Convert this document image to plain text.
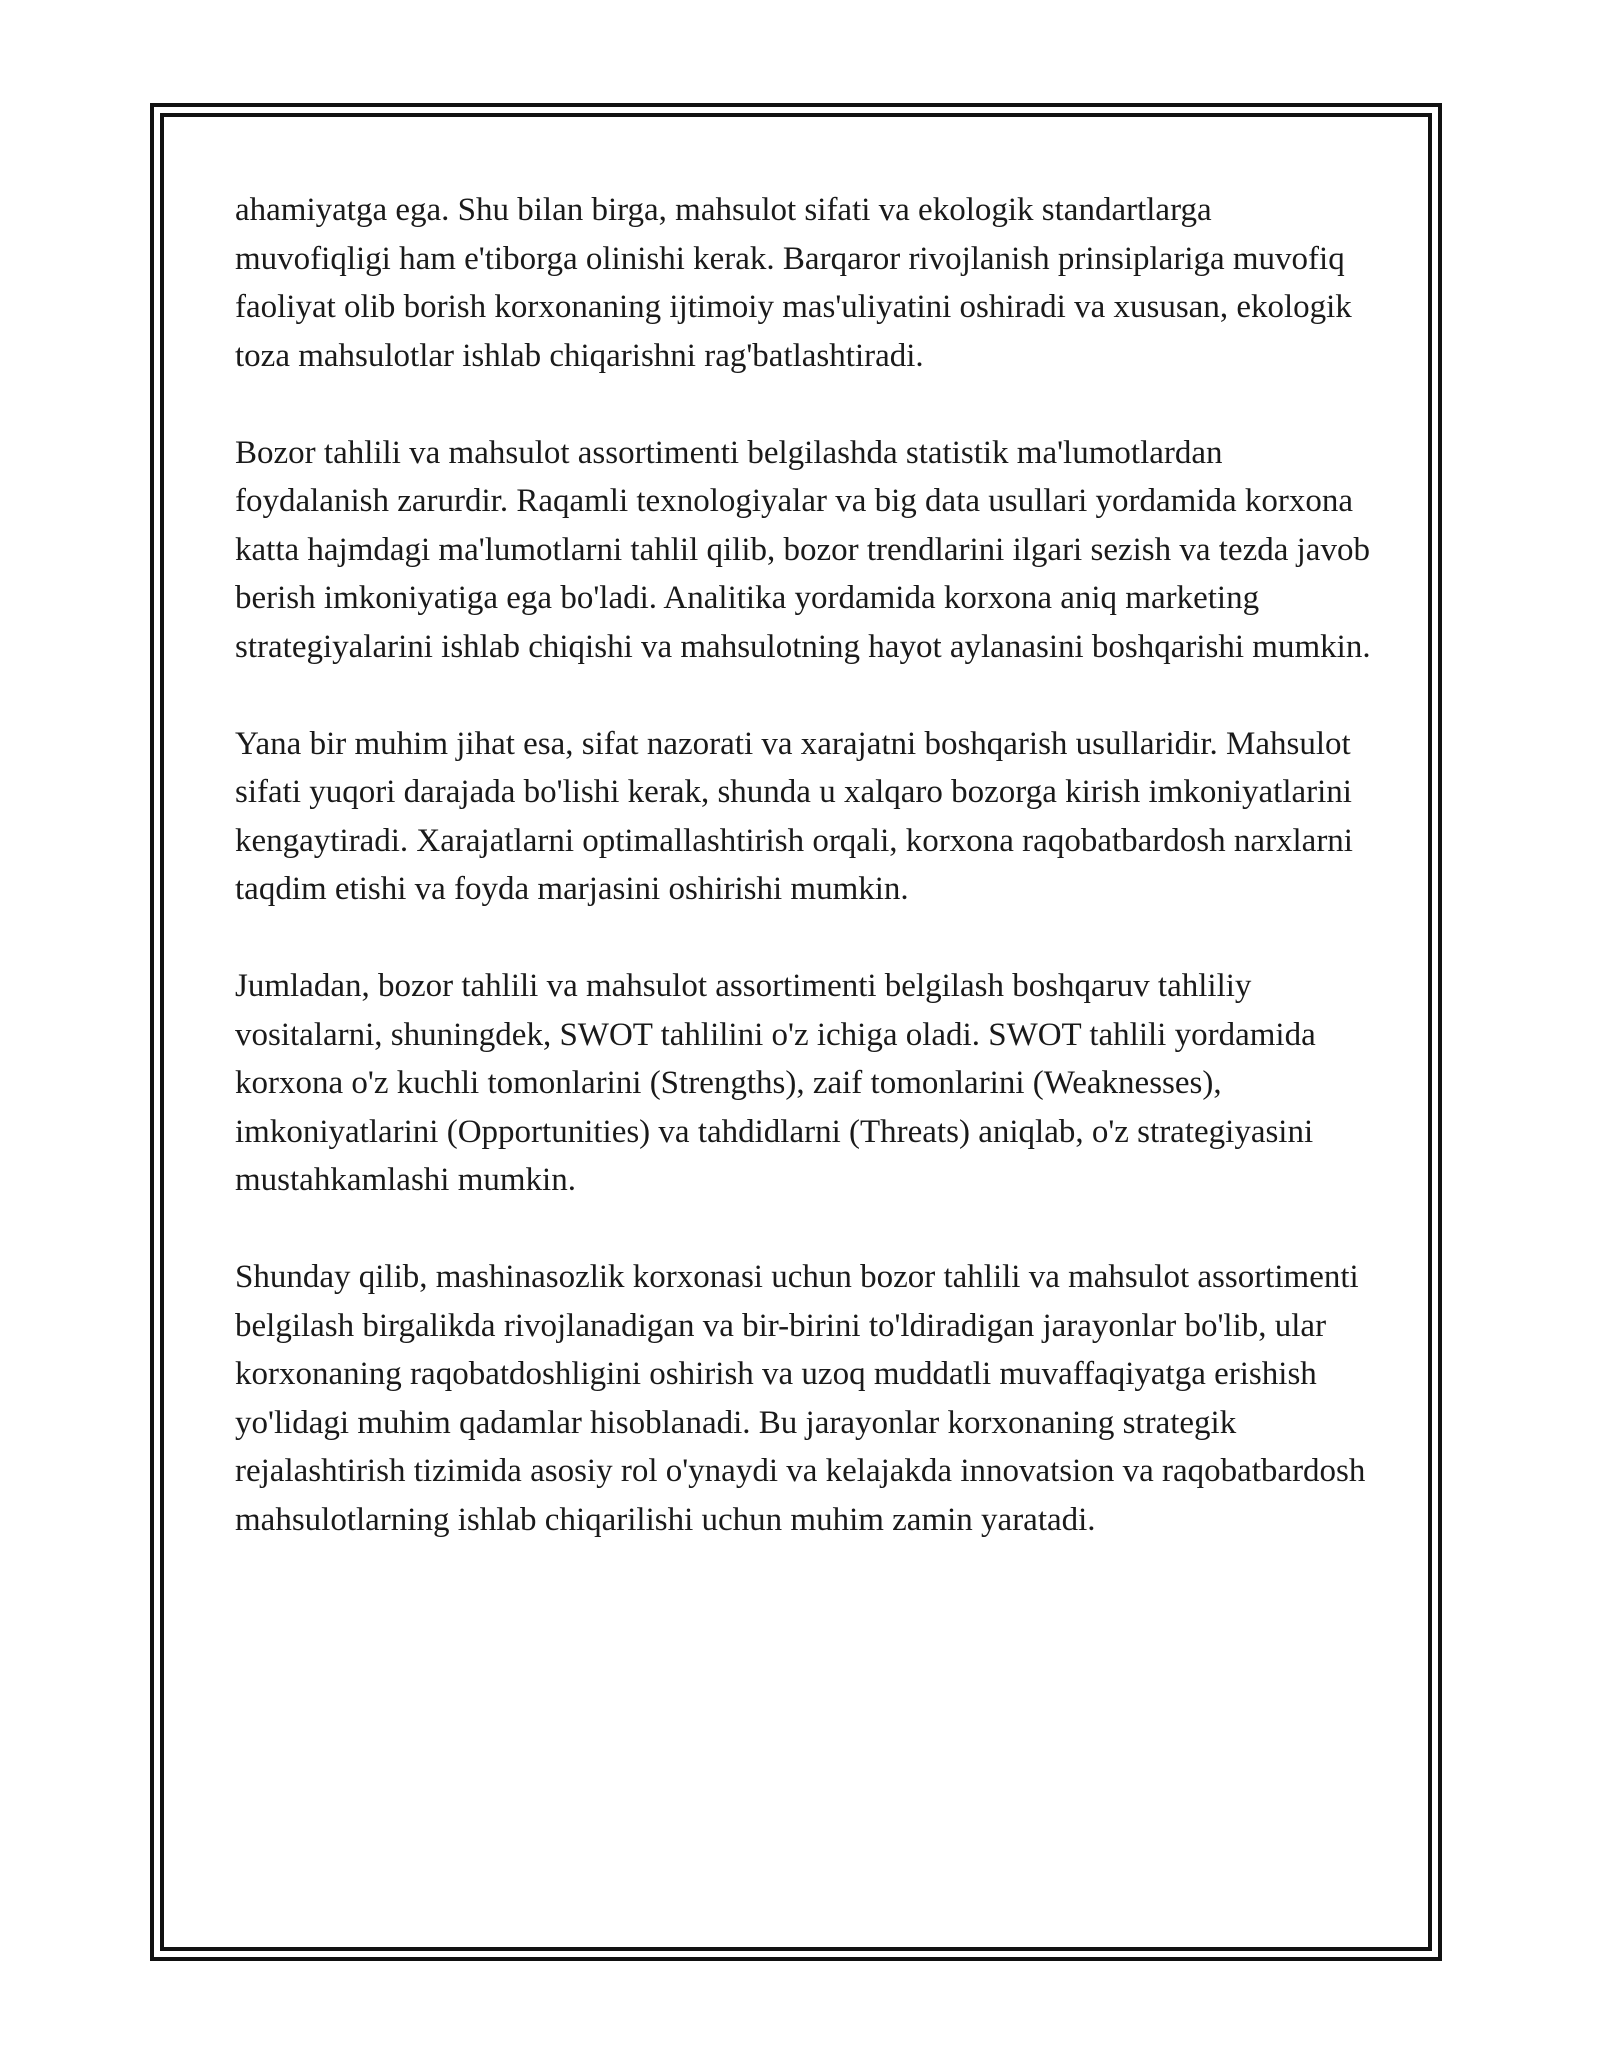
ahamiyatga ega. Shu bilan birga, mahsulot sifati va ekologik standartlarga muvofiqligi ham e'tiborga olinishi kerak. Barqaror rivojlanish prinsiplariga muvofiq faoliyat olib borish korxonaning ijtimoiy mas'uliyatini oshiradi va xususan, ekologik toza mahsulotlar ishlab chiqarishni rag'batlashtiradi.

Bozor tahlili va mahsulot assortimenti belgilashda statistik ma'lumotlardan foydalanish zarurdir. Raqamli texnologiyalar va big data usullari yordamida korxona katta hajmdagi ma'lumotlarni tahlil qilib, bozor trendlarini ilgari sezish va tezda javob berish imkoniyatiga ega bo'ladi. Analitika yordamida korxona aniq marketing strategiyalarini ishlab chiqishi va mahsulotning hayot aylanasini boshqarishi mumkin.

Yana bir muhim jihat esa, sifat nazorati va xarajatni boshqarish usullaridir. Mahsulot sifati yuqori darajada bo'lishi kerak, shunda u xalqaro bozorga kirish imkoniyatlarini kengaytiradi. Xarajatlarni optimallashtirish orqali, korxona raqobatbardosh narxlarni taqdim etishi va foyda marjasini oshirishi mumkin.

Jumladan, bozor tahlili va mahsulot assortimenti belgilash boshqaruv tahliliy vositalarni, shuningdek, SWOT tahlilini o'z ichiga oladi. SWOT tahlili yordamida korxona o'z kuchli tomonlarini (Strengths), zaif tomonlarini (Weaknesses), imkoniyatlarini (Opportunities) va tahdidlarni (Threats) aniqlab, o'z strategiyasini mustahkamlashi mumkin.

Shunday qilib, mashinasozlik korxonasi uchun bozor tahlili va mahsulot assortimenti belgilash birgalikda rivojlanadigan va bir-birini to'ldiradigan jarayonlar bo'lib, ular korxonaning raqobatdoshligini oshirish va uzoq muddatli muvaffaqiyatga erishish yo'lidagi muhim qadamlar hisoblanadi. Bu jarayonlar korxonaning strategik rejalashtirish tizimida asosiy rol o'ynaydi va kelajakda innovatsion va raqobatbardosh mahsulotlarning ishlab chiqarilishi uchun muhim zamin yaratadi.
